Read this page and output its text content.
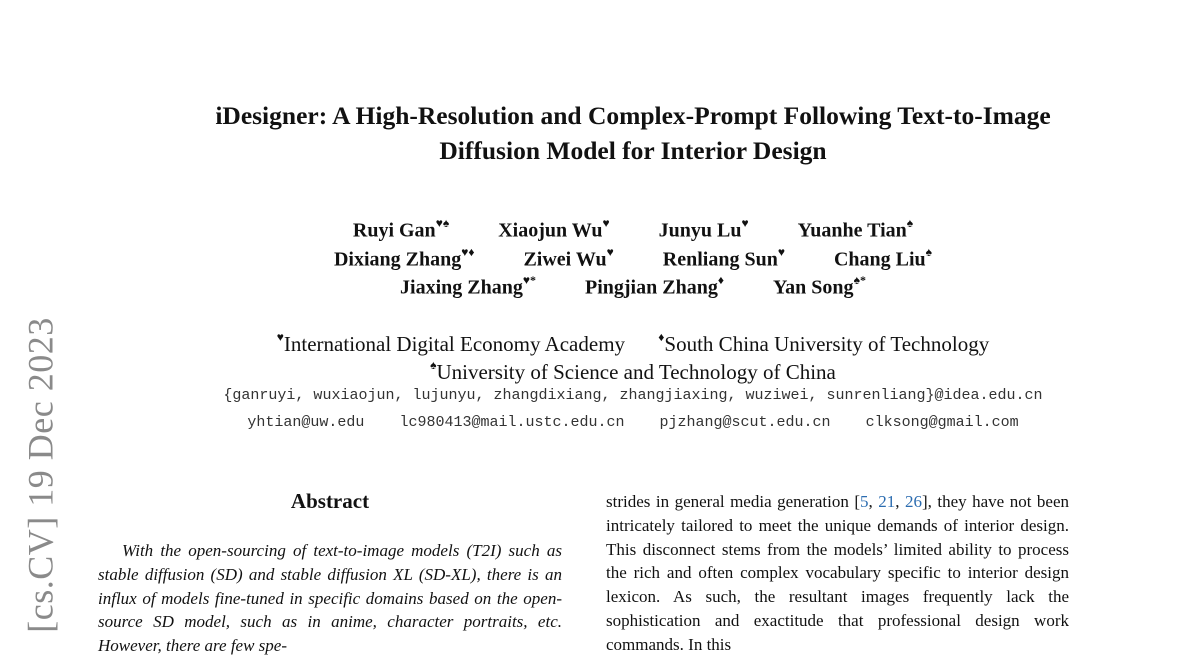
[cs.CV] 19 Dec 2023
iDesigner: A High-Resolution and Complex-Prompt Following Text-to-Image
Diffusion Model for Interior Design
Ruyi Gan♥♠ Xiaojun Wu♥ Junyu Lu♥ Yuanhe Tian♠
Dixiang Zhang♥♦ Ziwei Wu♥ Renliang Sun♥ Chang Liu♠
Jiaxing Zhang♥* Pingjian Zhang♦ Yan Song♠*
♥International Digital Economy Academy	♦South China University of Technology
♠University of Science and Technology of China
{ganruyi, wuxiaojun, lujunyu, zhangdixiang, zhangjiaxing, wuziwei, sunrenliang}@idea.edu.cn
yhtian@uw.edu lc980413@mail.ustc.edu.cn pjzhang@scut.edu.cn clksong@gmail.com
Abstract

With the open-sourcing of text-to-image models (T2I) such as stable diffusion (SD) and stable diffusion XL (SD-XL), there is an influx of models fine-tuned in specific domains based on the open-source SD model, such as in anime, character portraits, etc. However, there are few spe-

strides in general media generation [5, 21, 26], they have not been intricately tailored to meet the unique demands of interior design. This disconnect stems from the models’ limited ability to process the rich and often complex vocabulary specific to interior design lexicon. As such, the resultant images frequently lack the sophistication and exactitude that professional design work commands. In this
